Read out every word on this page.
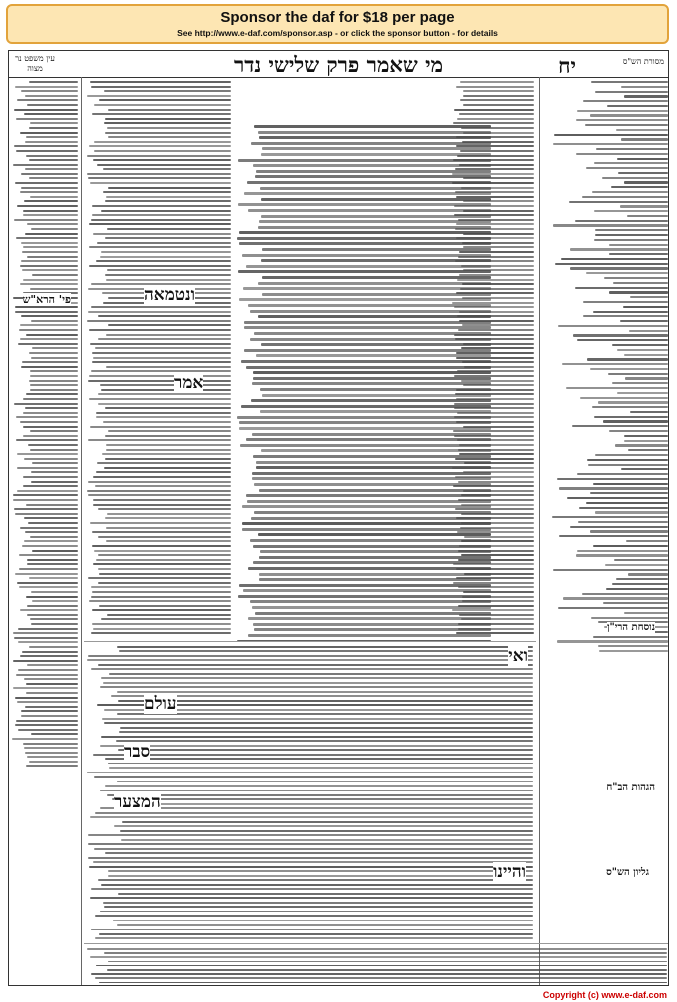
Sponsor the daf for $18 per page
See http://www.e-daf.com/sponsor.asp - or click the sponsor button - for details
עין משפט נר מצוה	מי שאמר פרק שלישי נדר	יח	מסורת הש"ס
נוסחת הרי"ן
הגהות הב"ח
גליון הש"ס
פי' הרא"ש	ונטמאה
אמר
ואי
עולם
סבר
המצער
והיינו
Copyright (c) www.e-daf.com
